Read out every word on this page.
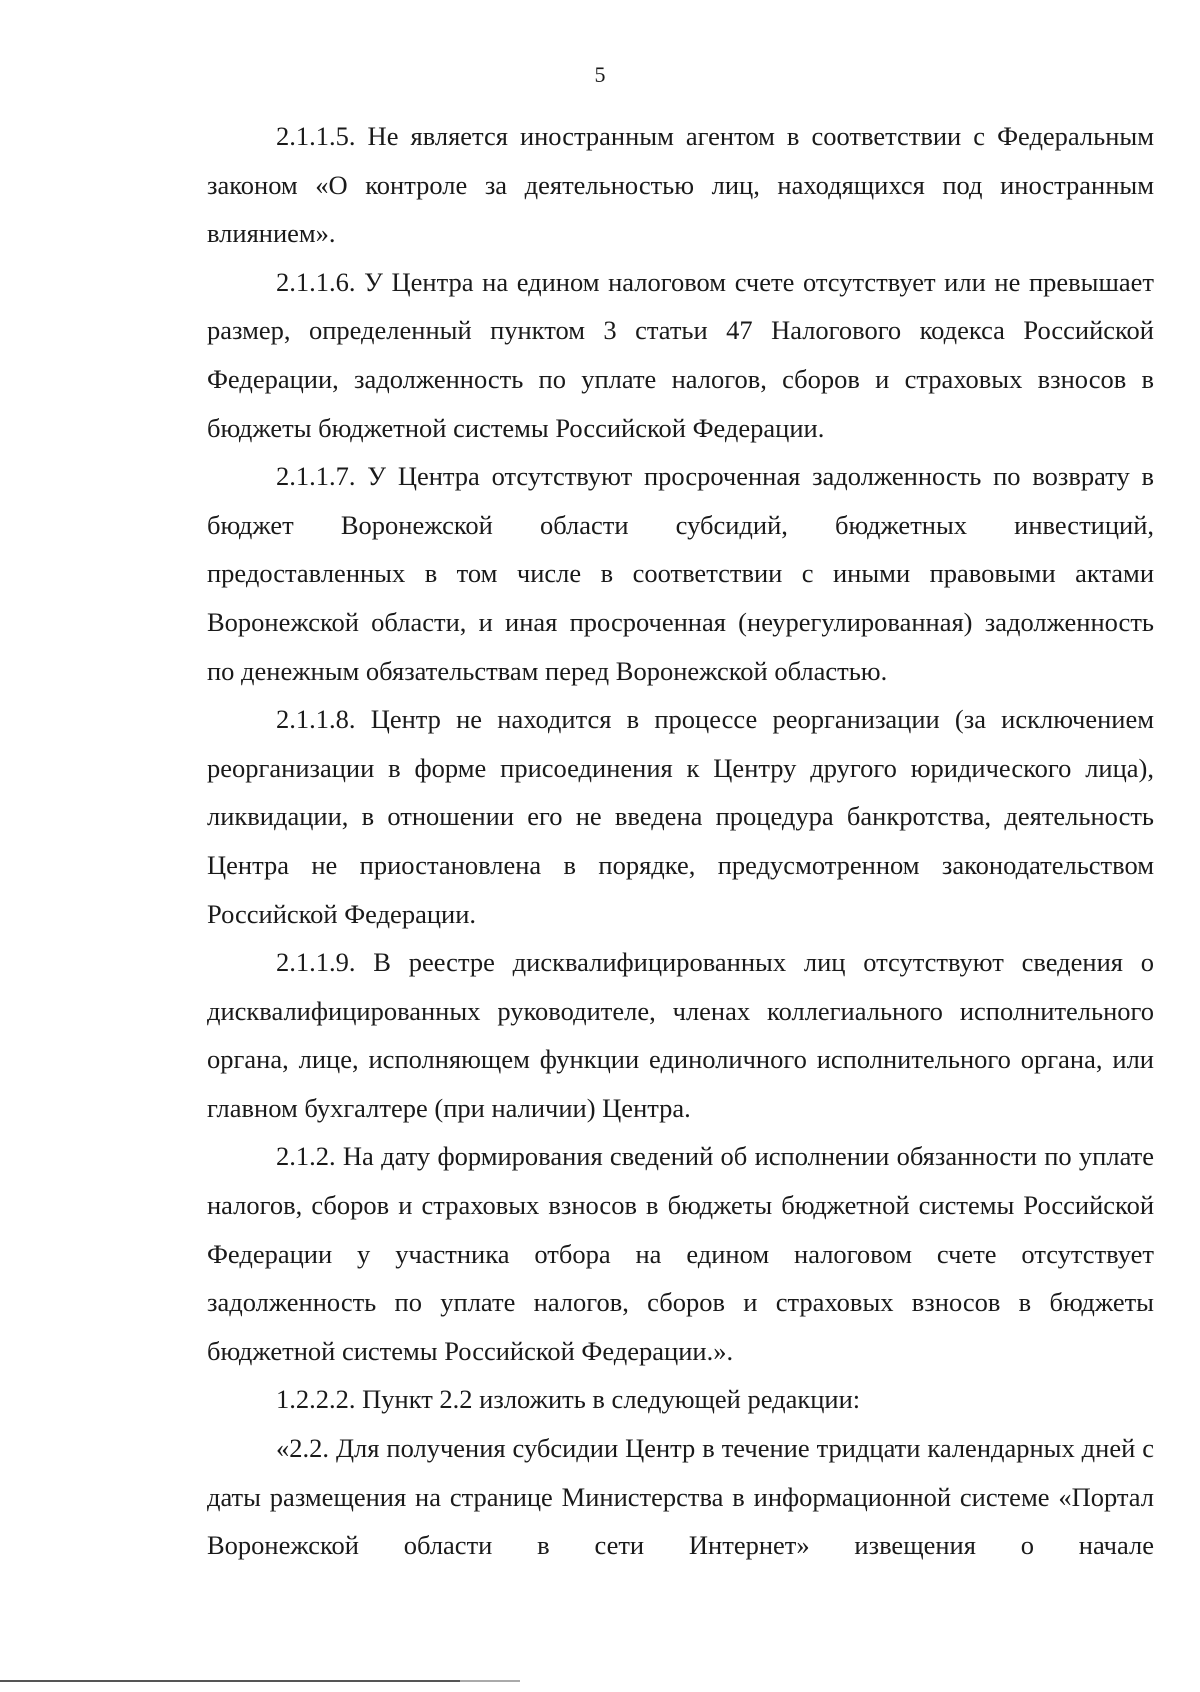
5

2.1.1.5. Не является иностранным агентом в соответствии с Федеральным законом «О контроле за деятельностью лиц, находящихся под иностранным влиянием».

2.1.1.6. У Центра на едином налоговом счете отсутствует или не превышает размер, определенный пунктом 3 статьи 47 Налогового кодекса Российской Федерации, задолженность по уплате налогов, сборов и страховых взносов в бюджеты бюджетной системы Российской Федерации.

2.1.1.7. У Центра отсутствуют просроченная задолженность по возврату в бюджет Воронежской области субсидий, бюджетных инвестиций, предоставленных в том числе в соответствии с иными правовыми актами Воронежской области, и иная просроченная (неурегулированная) задолженность по денежным обязательствам перед Воронежской областью.

2.1.1.8. Центр не находится в процессе реорганизации (за исключением реорганизации в форме присоединения к Центру другого юридического лица), ликвидации, в отношении его не введена процедура банкротства, деятельность Центра не приостановлена в порядке, предусмотренном законодательством Российской Федерации.

2.1.1.9. В реестре дисквалифицированных лиц отсутствуют сведения о дисквалифицированных руководителе, членах коллегиального исполнительного органа, лице, исполняющем функции единоличного исполнительного органа, или главном бухгалтере (при наличии) Центра.

2.1.2. На дату формирования сведений об исполнении обязанности по уплате налогов, сборов и страховых взносов в бюджеты бюджетной системы Российской Федерации у участника отбора на едином налоговом счете отсутствует задолженность по уплате налогов, сборов и страховых взносов в бюджеты бюджетной системы Российской Федерации.».

1.2.2.2. Пункт 2.2 изложить в следующей редакции:

«2.2. Для получения субсидии Центр в течение тридцати календарных дней с даты размещения на странице Министерства в информационной системе «Портал Воронежской области в сети Интернет» извещения о начале
